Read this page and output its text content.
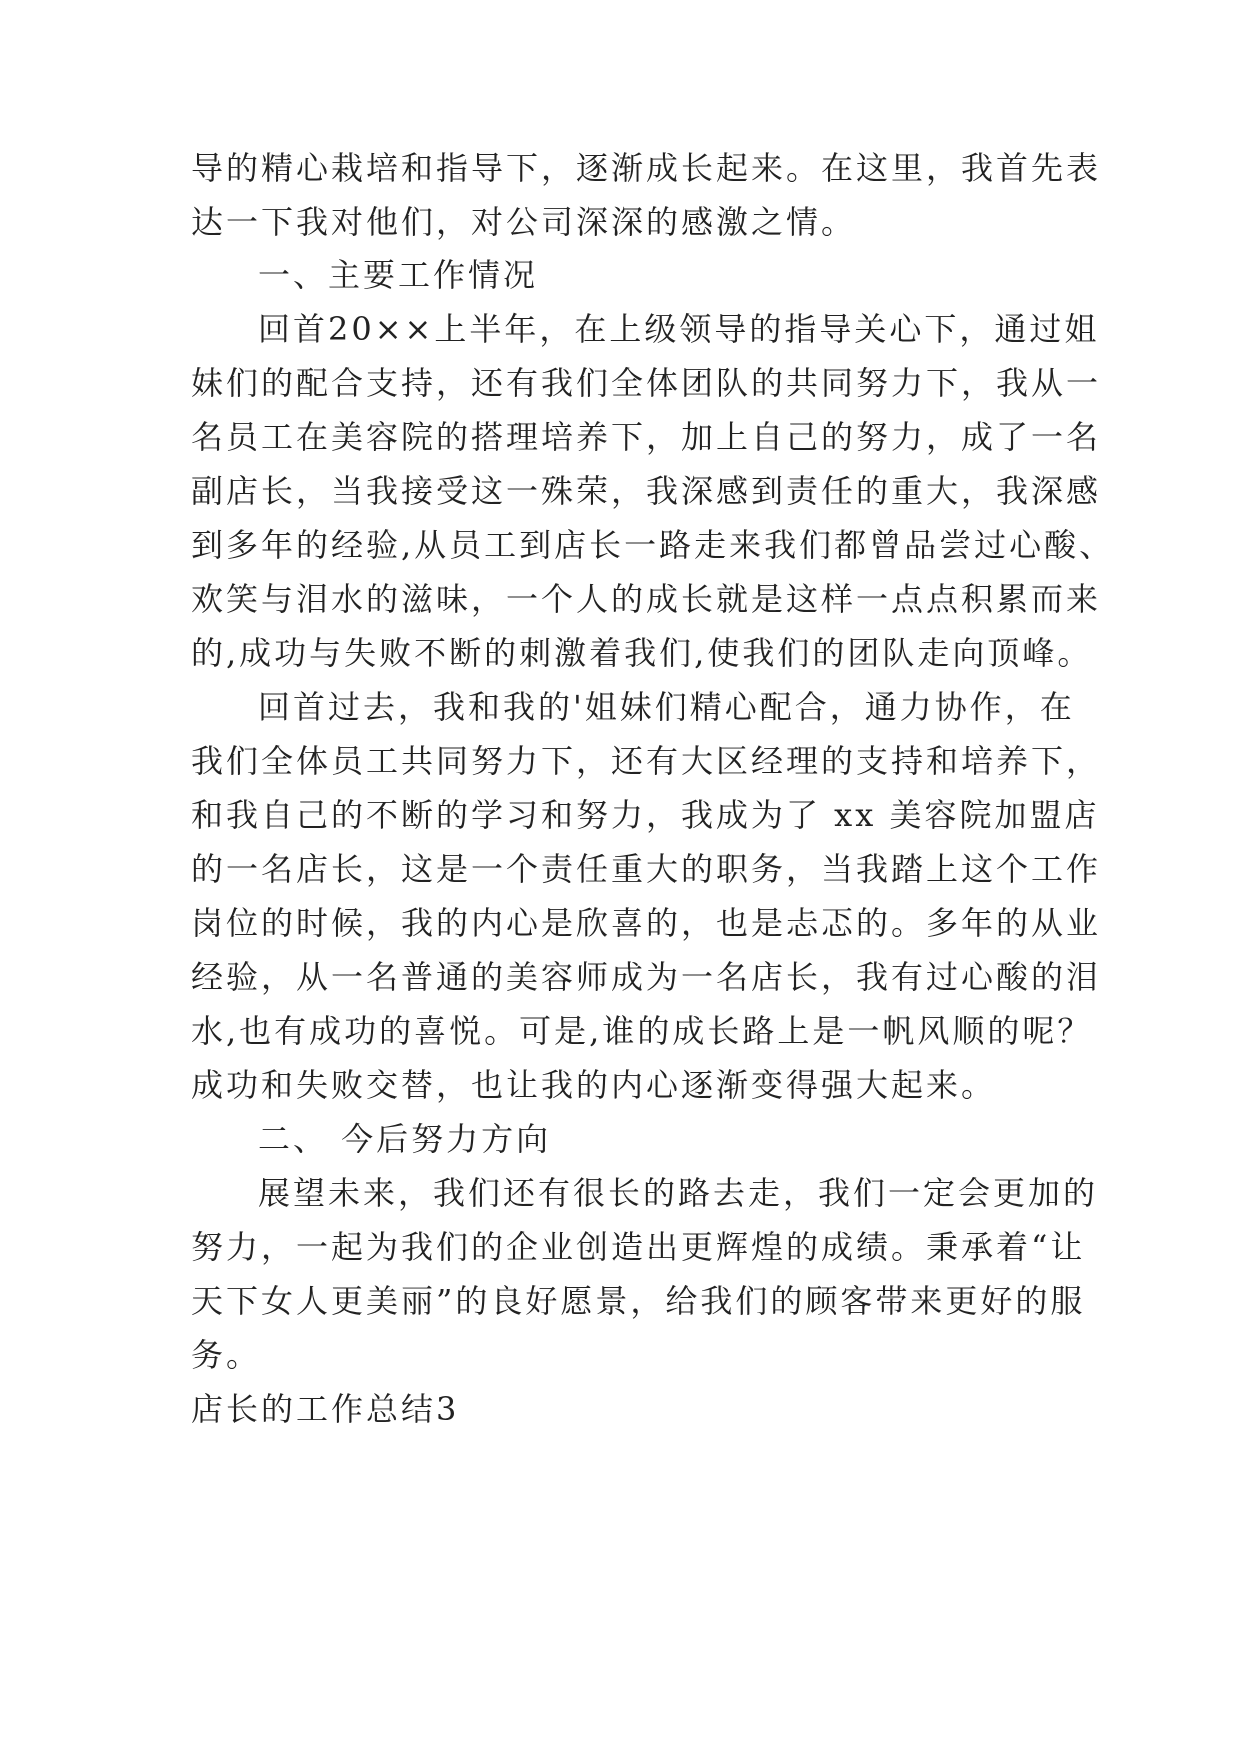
导的精心栽培和指导下，逐渐成长起来。在这里，我首先表
达一下我对他们，对公司深深的感激之情。
一、主要工作情况
回首20××上半年，在上级领导的指导关心下，通过姐
妹们的配合支持，还有我们全体团队的共同努力下，我从一
名员工在美容院的搭理培养下，加上自己的努力，成了一名
副店长，当我接受这一殊荣，我深感到责任的重大，我深感
到多年的经验,从员工到店长一路走来我们都曾品尝过心酸、
欢笑与泪水的滋味，一个人的成长就是这样一点点积累而来
的,成功与失败不断的刺激着我们,使我们的团队走向顶峰。
回首过去，我和我的'姐妹们精心配合，通力协作，在
我们全体员工共同努力下，还有大区经理的支持和培养下，
和我自己的不断的学习和努力，我成为了 xx 美容院加盟店
的一名店长，这是一个责任重大的职务，当我踏上这个工作
岗位的时候，我的内心是欣喜的，也是忐忑的。多年的从业
经验，从一名普通的美容师成为一名店长，我有过心酸的泪
水,也有成功的喜悦。可是,谁的成长路上是一帆风顺的呢？
成功和失败交替，也让我的内心逐渐变得强大起来。
二、 今后努力方向
展望未来，我们还有很长的路去走，我们一定会更加的
努力，一起为我们的企业创造出更辉煌的成绩。秉承着“让
天下女人更美丽”的良好愿景，给我们的顾客带来更好的服
务。
店长的工作总结3
